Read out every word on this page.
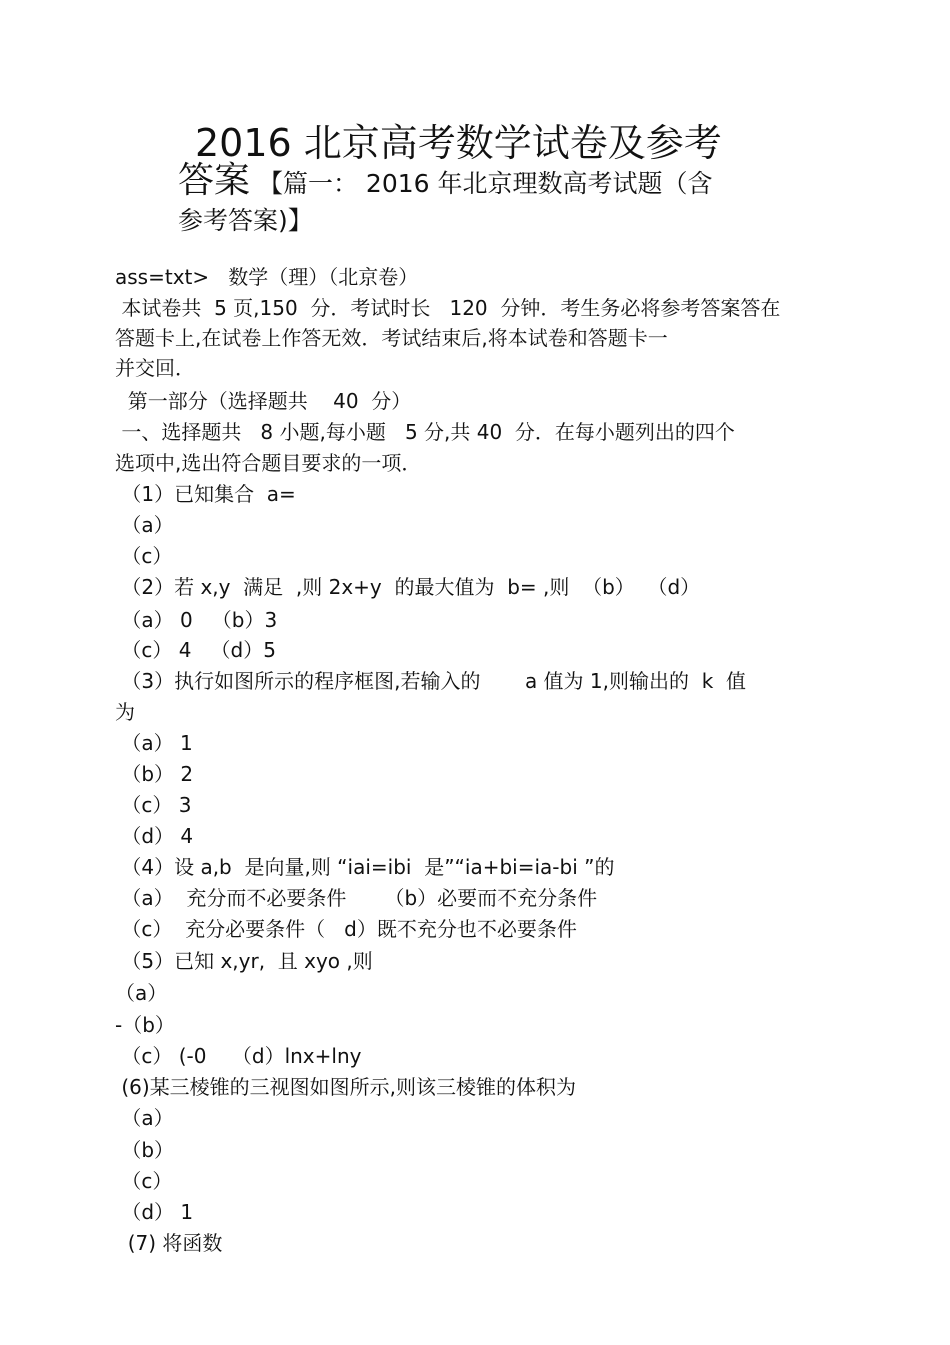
2016 北京高考数学试卷及参考
答案 【篇一： 2016 年北京理数高考试题（含
参考答案)】
ass=txt>   数学（理）（北京卷）
本试卷共  5 页,150  分．考试时长   120  分钟．考生务必将参考答案答在
答题卡上,在试卷上作答无效．考试结束后,将本试卷和答题卡一
并交回．
第一部分（选择题共    40  分）
一、选择题共   8 小题,每小题   5 分,共 40  分．在每小题列出的四个
选项中,选出符合题目要求的一项．
（1）已知集合  a=
（a）
（c）
（2）若 x,y  满足  ,则 2x+y  的最大值为  b= ,则  （b）  （d）
（a） 0   （b）3
（c） 4   （d）5
（3）执行如图所示的程序框图,若输入的       a 值为 1,则输出的  k  值
为
（a） 1
（b） 2
（c） 3
（d） 4
（4）设 a,b  是向量,则 “iai=ibi  是”“ia+bi=ia-bi ”的
（a）  充分而不必要条件      （b）必要而不充分条件
（c）  充分必要条件（   d）既不充分也不必要条件
（5）已知 x,yr,  且 xyo ,则
（a）
-（b）
（c） (-0    （d）lnx+lny
(6)某三棱锥的三视图如图所示,则该三棱锥的体积为
（a）
（b）
（c）
（d） 1
(7) 将函数
